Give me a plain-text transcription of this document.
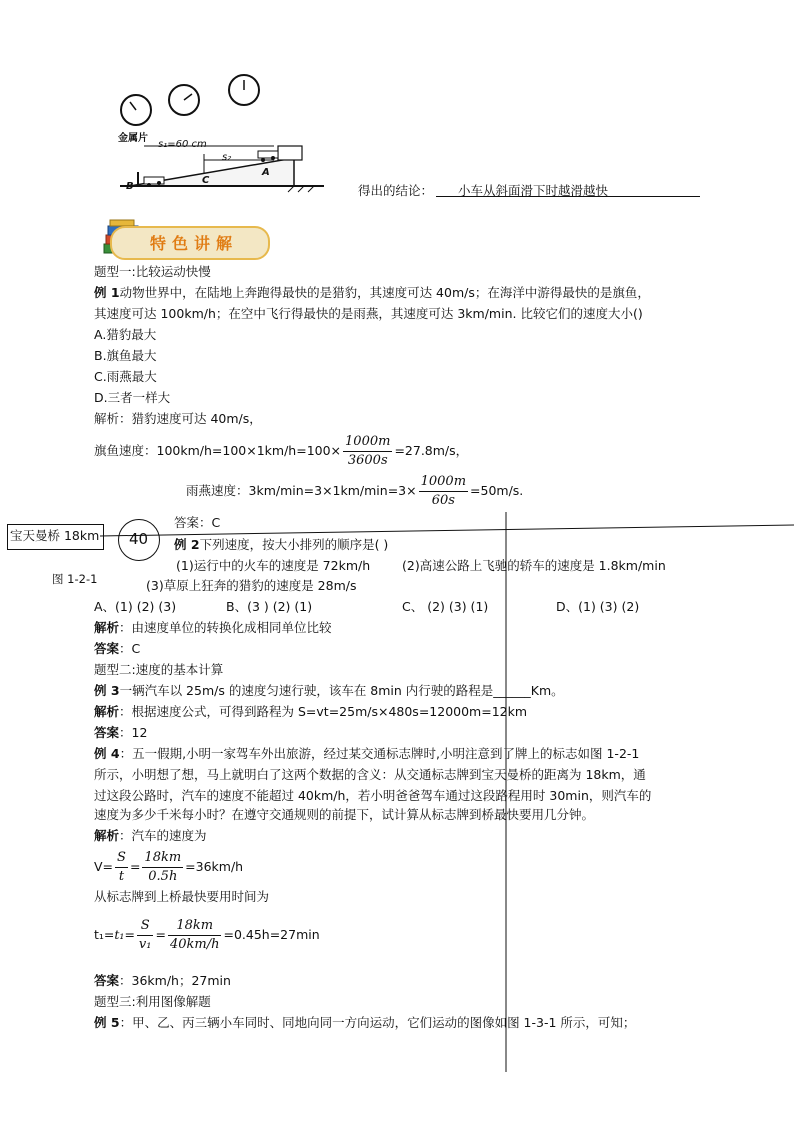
金属片
s₁=60 cm
s₂
A
B
C
得出的结论： 小车从斜面滑下时越滑越快
特色讲解
题型一:比较运动快慢
例 1动物世界中，在陆地上奔跑得最快的是猎豹，其速度可达 40m/s；在海洋中游得最快的是旗鱼，
其速度可达 100km/h；在空中飞行得最快的是雨燕，其速度可达 3km/min. 比较它们的速度大小()
A.猎豹最大
B.旗鱼最大
C.雨燕最大
D.三者一样大
解析：猎豹速度可达 40m/s，
旗鱼速度：$100km/h=100\times 1km/h=100\times \frac{1000m}{3600s} =27.8m/s$，
雨燕速度：$3km/\min=3\times 1km/\min=3\times \frac{1000m}{60s} =50m/s$.
答案：C
宝天曼桥 18km 40
图 1-2-1
例 2下列速度，按大小排列的顺序是( )
(1)运行中的火车的速度是 72km/h	(2)高速公路上飞驰的轿车的速度是 1.8km/min
(3)草原上狂奔的猎豹的速度是 28m/s
A、(1) (2) (3)	B、(3 ) (2) (1)	C、 (2) (3) (1)	D、(1) (3) (2)
解析：由速度单位的转换化成相同单位比较
答案：C
题型二:速度的基本计算
例 3一辆汽车以 25m/s 的速度匀速行驶，该车在 8min 内行驶的路程是______Km。
解析：根据速度公式，可得到路程为 S=vt=25m/s×480s=12000m=12km
答案：12
例 4：五一假期,小明一家驾车外出旅游，经过某交通标志牌时,小明注意到了牌上的标志如图 1-2-1
所示，小明想了想，马上就明白了这两个数据的含义：从交通标志牌到宝天曼桥的距离为 18km，通
过这段公路时，汽车的速度不能超过 40km/h，若小明爸爸驾车通过这段路程用时 30min，则汽车的
速度为多少千米每小时？在遵守交通规则的前提下，试计算从标志牌到桥最快要用几分钟。
解析：汽车的速度为
$V= \frac{S}{t} = \frac{18km}{0.5h} =36km/h$
从标志牌到上桥最快要用时间为
$t_1=t_1= \frac{S}{\text{v₁}} = \frac{18km}{40km/h} =0.45h=27\min$
答案：36km/h；27min
题型三:利用图像解题
例 5：甲、乙、丙三辆小车同时、同地向同一方向运动，它们运动的图像如图 1-3-1 所示，可知；
